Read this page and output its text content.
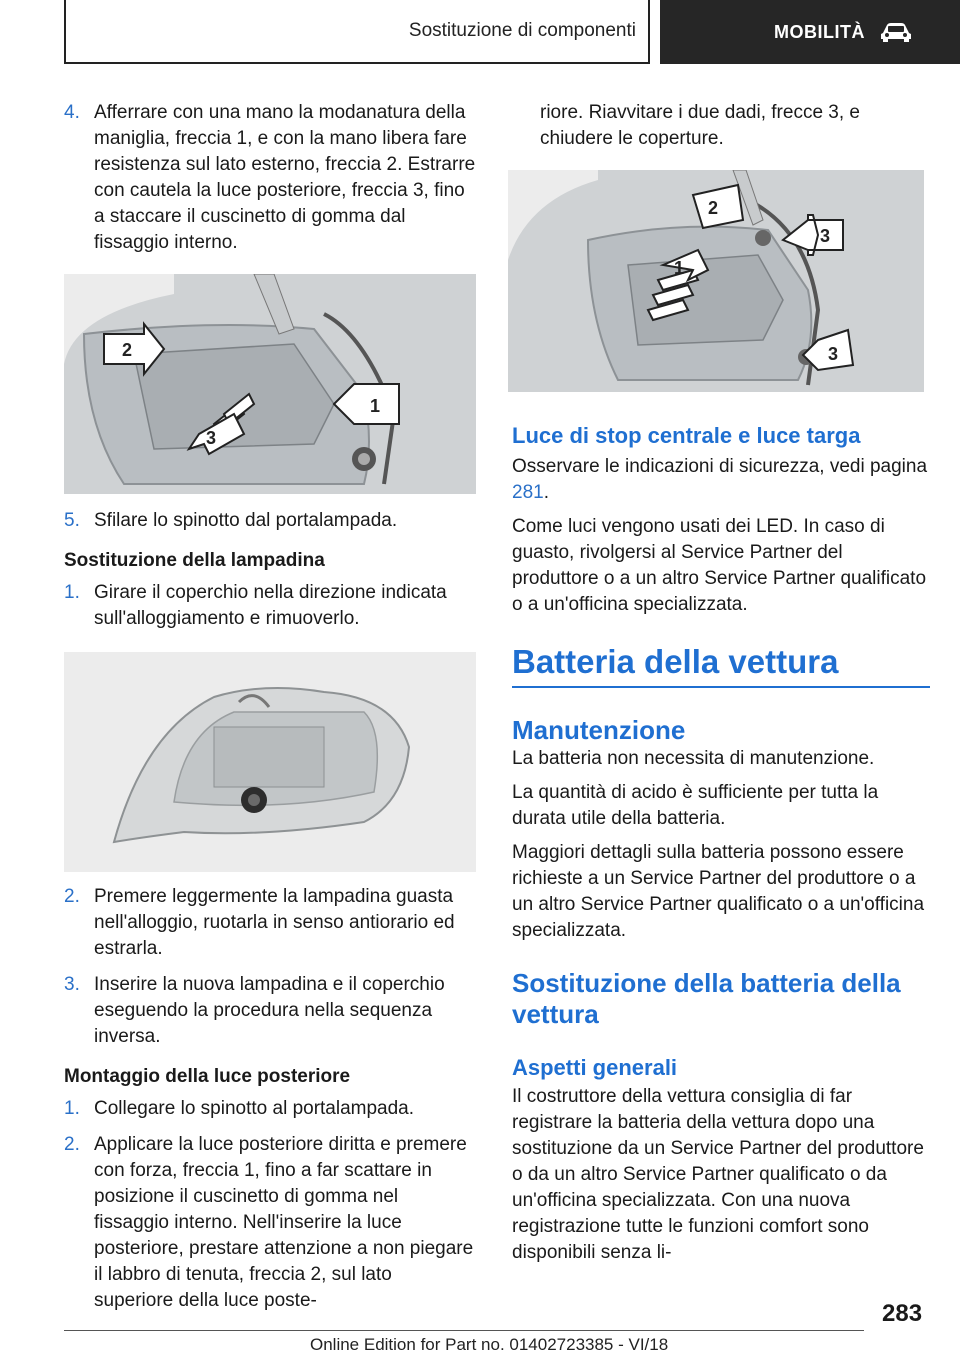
Sostituzione di componenti	MOBILITÀ
4. Afferrare con una mano la modanatura della maniglia, freccia 1, e con la mano libera fare resistenza sul lato esterno, freccia 2. Estrarre con cautela la luce posteriore, freccia 3, fino a staccare il cuscinetto di gomma dal fissaggio interno.
2
1
3
5. Sfilare lo spinotto dal portalampada.
Sostituzione della lampadina
1. Girare il coperchio nella direzione indicata sull'alloggiamento e rimuoverlo.
2. Premere leggermente la lampadina guasta nell'alloggio, ruotarla in senso antiorario ed estrarla.
3. Inserire la nuova lampadina e il coperchio eseguendo la procedura nella sequenza inversa.
Montaggio della luce posteriore
1. Collegare lo spinotto al portalampada.
2. Applicare la luce posteriore diritta e premere con forza, freccia 1, fino a far scattare in posizione il cuscinetto di gomma nel fissaggio interno. Nell'inserire la luce posteriore, prestare attenzione a non piegare il labbro di tenuta, freccia 2, sul lato superiore della luce poste-

riore. Riavvitare i due dadi, frecce 3, e chiudere le coperture.

2
3
1
3
Luce di stop centrale e luce targa

Osservare le indicazioni di sicurezza, vedi pagina 281.

Come luci vengono usati dei LED. In caso di guasto, rivolgersi al Service Partner del produttore o a un altro Service Partner qualificato o a un'officina specializzata.

Batteria della vettura
Manutenzione

La batteria non necessita di manutenzione.

La quantità di acido è sufficiente per tutta la durata utile della batteria.

Maggiori dettagli sulla batteria possono essere richieste a un Service Partner del produttore o a un altro Service Partner qualificato o a un'officina specializzata.

Sostituzione della batteria della vettura
Aspetti generali

Il costruttore della vettura consiglia di far registrare la batteria della vettura dopo una sostituzione da un Service Partner del produttore o da un altro Service Partner qualificato o da un'officina specializzata. Con una nuova registrazione tutte le funzioni comfort sono disponibili senza li-

283
Online Edition for Part no. 01402723385 - VI/18
